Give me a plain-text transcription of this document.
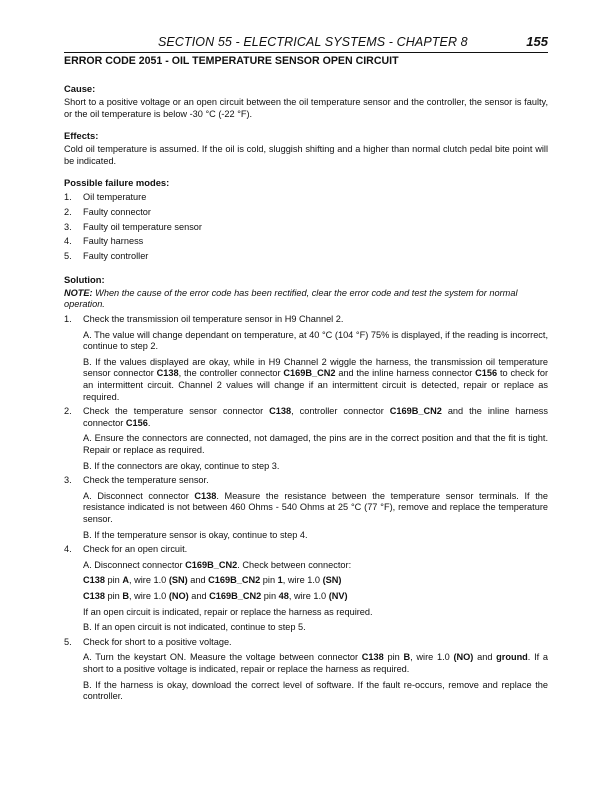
SECTION 55 - ELECTRICAL SYSTEMS - CHAPTER 8	155
ERROR CODE 2051 - OIL TEMPERATURE SENSOR OPEN CIRCUIT
Cause:
Short to a positive voltage or an open circuit between the oil temperature sensor and the controller, the sensor is faulty, or the oil temperature is below -30 °C (-22 °F).
Effects:
Cold oil temperature is assumed. If the oil is cold, sluggish shifting and a higher than normal clutch pedal bite point will be indicated.
Possible failure modes:
1. Oil temperature
2. Faulty connector
3. Faulty oil temperature sensor
4. Faulty harness
5. Faulty controller
Solution:
NOTE: When the cause of the error code has been rectified, clear the error code and test the system for normal operation.
1. Check the transmission oil temperature sensor in H9 Channel 2.
A. The value will change dependant on temperature, at 40 °C (104 °F) 75% is displayed, if the reading is incorrect, continue to step 2.
B. If the values displayed are okay, while in H9 Channel 2 wiggle the harness, the transmission oil temperature sensor connector C138, the controller connector C169B_CN2 and the inline harness connector C156 to check for an intermittent circuit. Channel 2 values will change if an intermittent circuit is detected, repair or replace as required.
2. Check the temperature sensor connector C138, controller connector C169B_CN2 and the inline harness connector C156.
A. Ensure the connectors are connected, not damaged, the pins are in the correct position and that the fit is tight. Repair or replace as required.
B. If the connectors are okay, continue to step 3.
3. Check the temperature sensor.
A. Disconnect connector C138. Measure the resistance between the temperature sensor terminals. If the resistance indicated is not between 460 Ohms - 540 Ohms at 25 °C (77 °F), remove and replace the temperature sensor.
B. If the temperature sensor is okay, continue to step 4.
4. Check for an open circuit.
A. Disconnect connector C169B_CN2. Check between connector:
C138 pin A, wire 1.0 (SN) and C169B_CN2 pin 1, wire 1.0 (SN)
C138 pin B, wire 1.0 (NO) and C169B_CN2 pin 48, wire 1.0 (NV)
If an open circuit is indicated, repair or replace the harness as required.
B. If an open circuit is not indicated, continue to step 5.
5. Check for short to a positive voltage.
A. Turn the keystart ON. Measure the voltage between connector C138 pin B, wire 1.0 (NO) and ground. If a short to a positive voltage is indicated, repair or replace the harness as required.
B. If the harness is okay, download the correct level of software. If the fault re-occurs, remove and replace the controller.
